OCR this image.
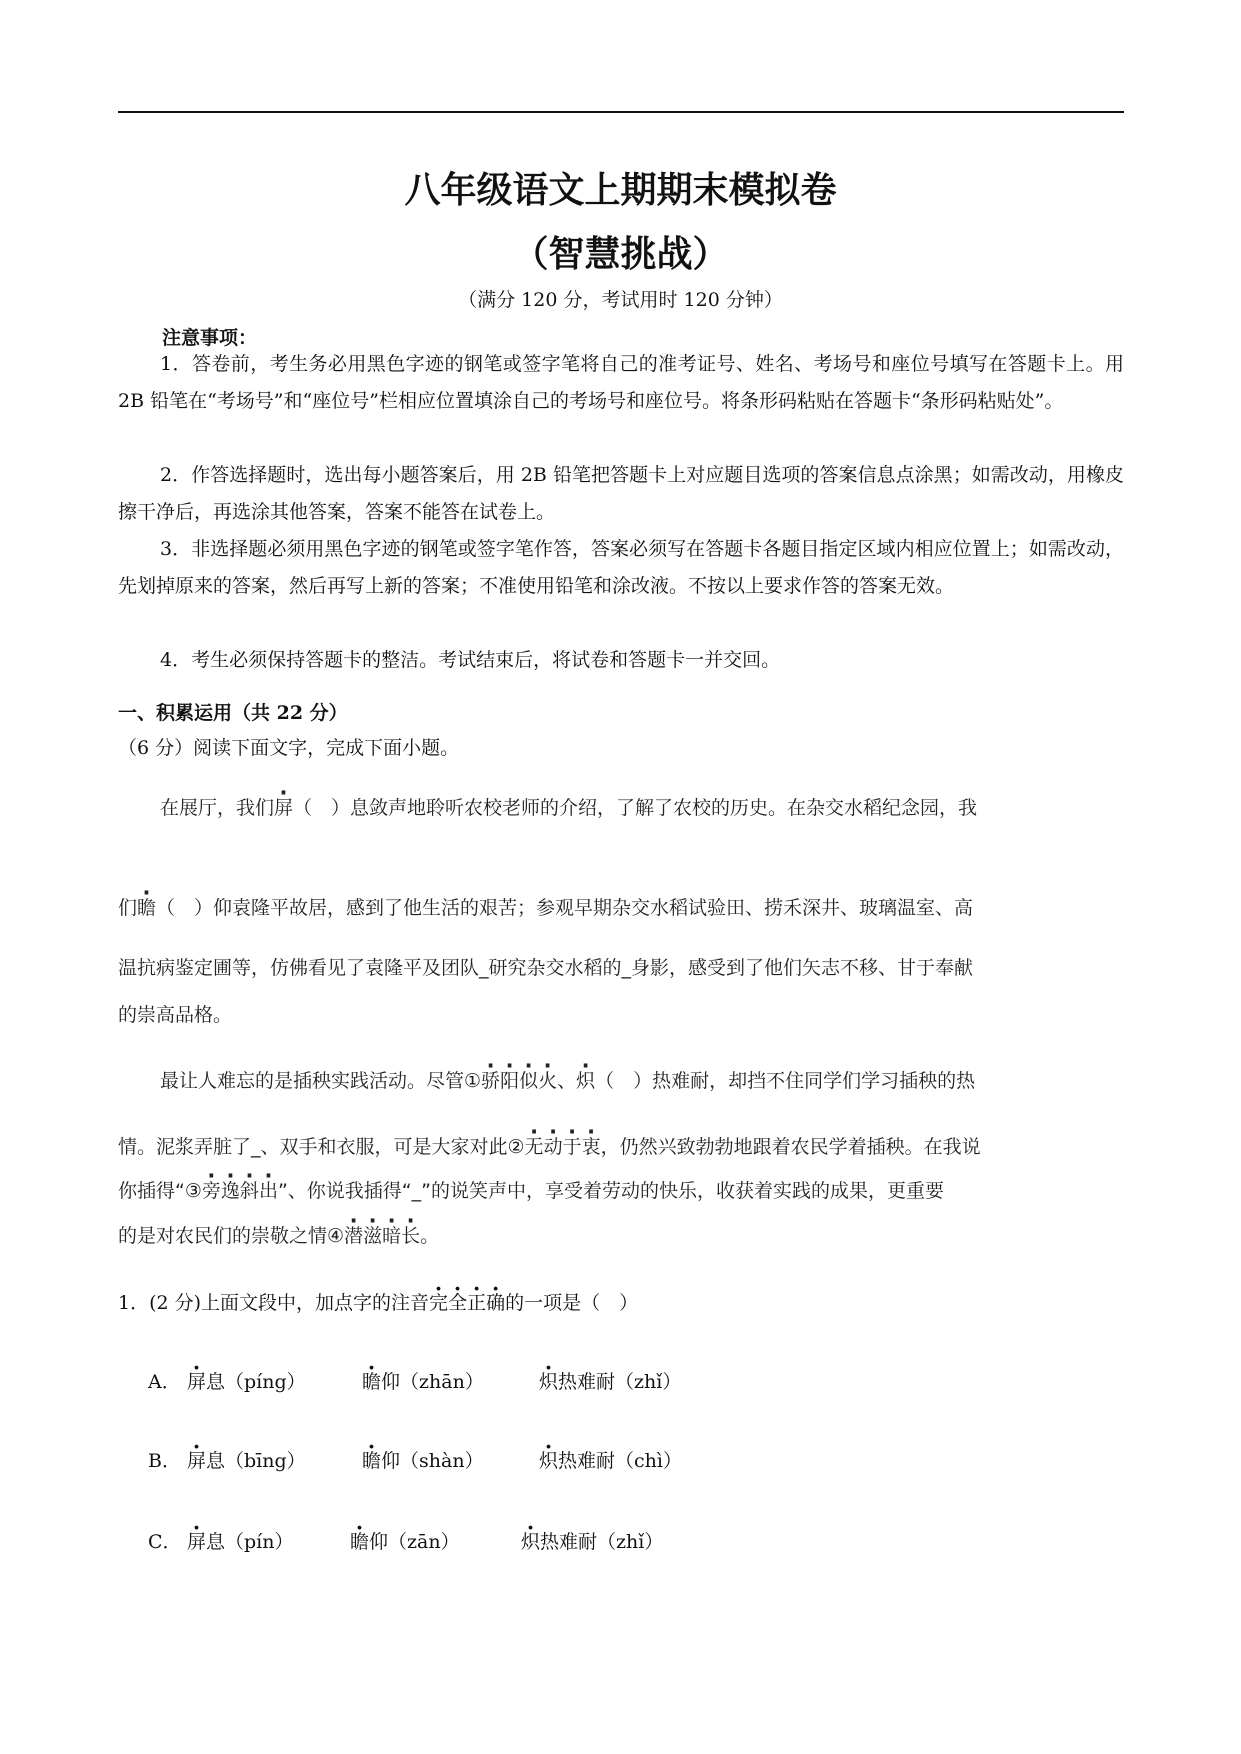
八年级语文上期期末模拟卷
（智慧挑战）
（满分 120 分，考试用时 120 分钟）
注意事项：
1．答卷前，考生务必用黑色字迹的钢笔或签字笔将自己的准考证号、姓名、考场号和座位号填写在答题卡上。用 2B 铅笔在“考场号”和“座位号”栏相应位置填涂自己的考场号和座位号。将条形码粘贴在答题卡“条形码粘贴处”。
2．作答选择题时，选出每小题答案后，用 2B 铅笔把答题卡上对应题目选项的答案信息点涂黑；如需改动，用橡皮擦干净后，再选涂其他答案，答案不能答在试卷上。
3．非选择题必须用黑色字迹的钢笔或签字笔作答，答案必须写在答题卡各题目指定区域内相应位置上；如需改动，先划掉原来的答案，然后再写上新的答案；不准使用铅笔和涂改液。不按以上要求作答的答案无效。
4．考生必须保持答题卡的整洁。考试结束后，将试卷和答题卡一并交回。
一、积累运用（共 22 分）
（6 分）阅读下面文字，完成下面小题。
在展厅，我们屏（　）息敛声地聆听农校老师的介绍，了解了农校的历史。在杂交水稻纪念园，我
们瞻（　）仰袁隆平故居，感到了他生活的艰苦；参观早期杂交水稻试验田、捞禾深井、玻璃温室、高
温抗病鉴定圃等，仿佛看见了袁隆平及团队_研究杂交水稻的_身影，感受到了他们矢志不移、甘于奉献
的崇高品格。
最让人难忘的是插秧实践活动。尽管①骄阳似火、炽（　）热难耐，却挡不住同学们学习插秧的热
情。泥浆弄脏了_、双手和衣服，可是大家对此②无动于衷，仍然兴致勃勃地跟着农民学着插秧。在我说
你插得“③旁逸斜出”、你说我插得“_”的说笑声中，享受着劳动的快乐，收获着实践的成果，更重要
的是对农民们的崇敬之情④潜滋暗长。
1．(2 分)上面文段中，加点字的注音完全正确的一项是（　）
A． 屏息（píng）	瞻仰（zhān）	炽热难耐（zhǐ）
B． 屏息（bīng）	瞻仰（shàn）	炽热难耐（chì）
C． 屏息（pín）	瞻仰（zān）	炽热难耐（zhǐ）
